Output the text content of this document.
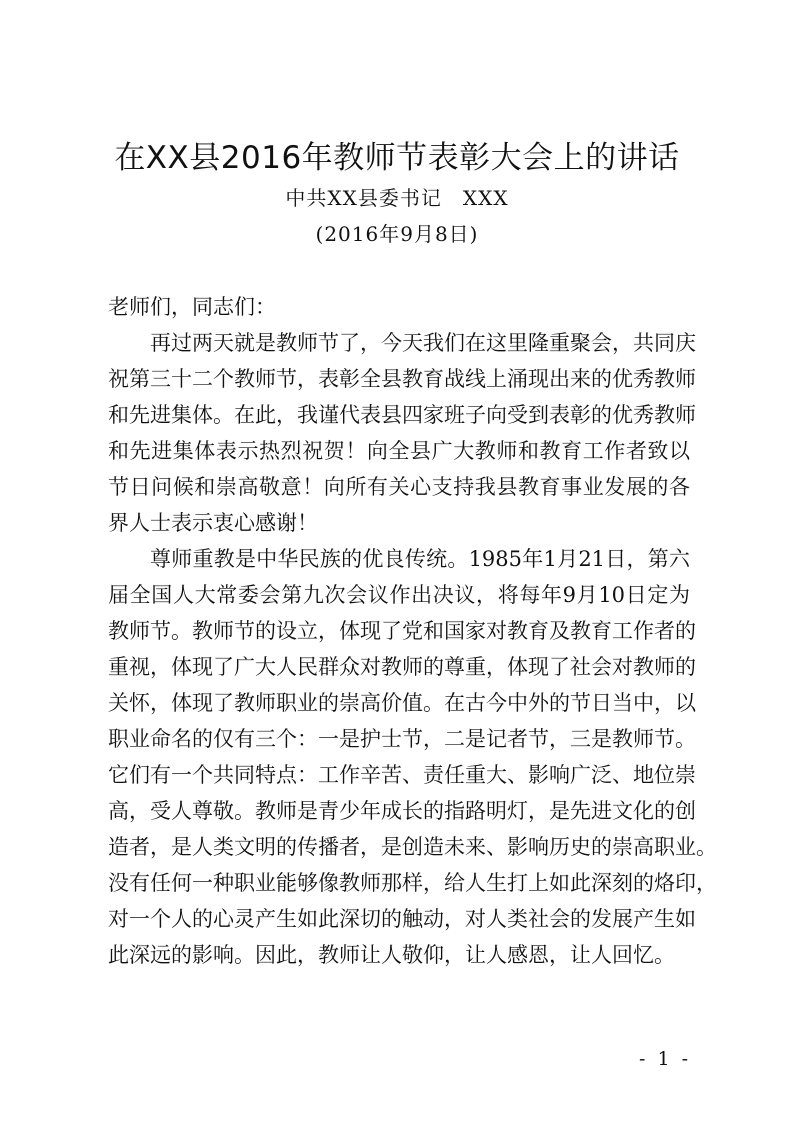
在XX县2016年教师节表彰大会上的讲话
中共XX县委书记　XXX
(2016年9月8日)
老师们，同志们：
再过两天就是教师节了，今天我们在这里隆重聚会，共同庆
祝第三十二个教师节，表彰全县教育战线上涌现出来的优秀教师
和先进集体。在此，我谨代表县四家班子向受到表彰的优秀教师
和先进集体表示热烈祝贺！向全县广大教师和教育工作者致以
节日问候和崇高敬意！向所有关心支持我县教育事业发展的各
界人士表示衷心感谢！
尊师重教是中华民族的优良传统。1985年1月21日，第六
届全国人大常委会第九次会议作出决议，将每年9月10日定为
教师节。教师节的设立，体现了党和国家对教育及教育工作者的
重视，体现了广大人民群众对教师的尊重，体现了社会对教师的
关怀，体现了教师职业的崇高价值。在古今中外的节日当中，以
职业命名的仅有三个：一是护士节，二是记者节，三是教师节。
它们有一个共同特点：工作辛苦、责任重大、影响广泛、地位崇
高，受人尊敬。教师是青少年成长的指路明灯，是先进文化的创
造者，是人类文明的传播者，是创造未来、影响历史的崇高职业。
没有任何一种职业能够像教师那样，给人生打上如此深刻的烙印，
对一个人的心灵产生如此深切的触动，对人类社会的发展产生如
此深远的影响。因此，教师让人敬仰，让人感恩，让人回忆。
- 1 -
